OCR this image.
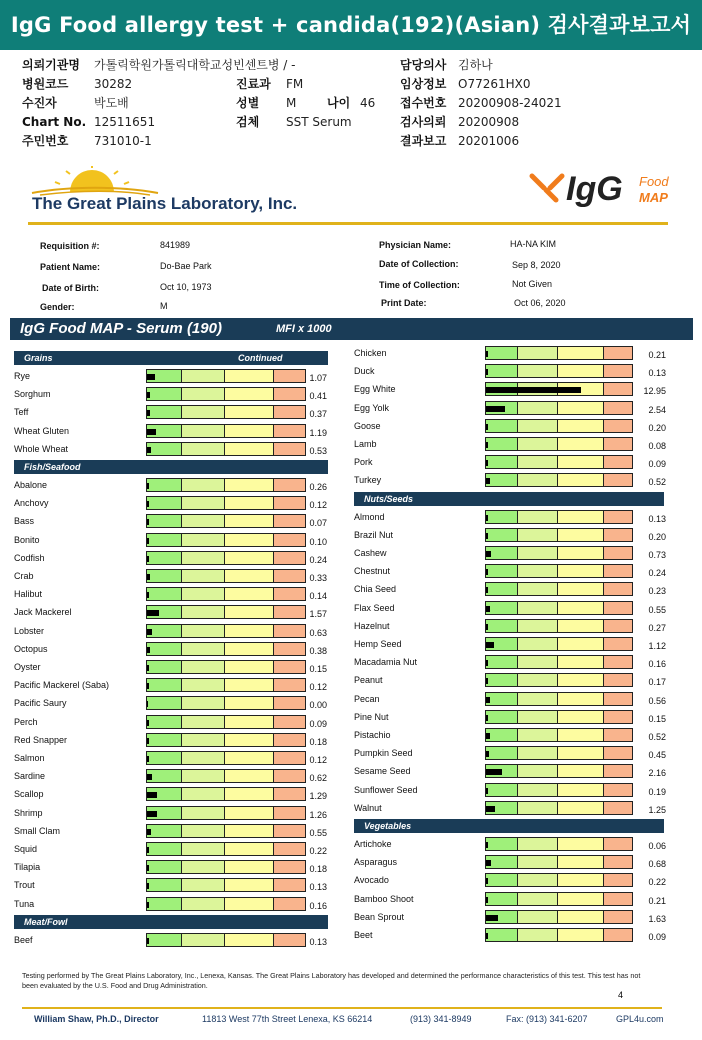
IgG Food allergy test + candida(192)(Asian) 검사결과보고서
의뢰기관명 가톨릭학원가톨릭대학교성빈센트병 / -
병원코드 30282	진료과 FM
수진자	박도배	성별 M	나이 46
Chart No. 12511651	검체 SST Serum
주민번호 731010-1
담당의사 김하나
임상정보 O77261HX0
접수번호 20200908-24021
검사의뢰 20200908
결과보고 20201006
The Great Plains Laboratory, Inc.	IgG Food
MAP
Requisition #:	841989
Patient Name:	Do-Bae Park
Date of Birth:	Oct 10, 1973
Gender:	M
Physician Name:	HA-NA KIM
Date of Collection:	Sep 8, 2020
Time of Collection:	Not Given
Print Date:	Oct 06, 2020
IgG Food MAP - Serum (190)	MFI x 1000
Grains	Continued
Rye	1.07
Sorghum	0.41
Teff	0.37
Wheat Gluten	1.19
Whole Wheat	0.53
Fish/Seafood
Abalone	0.26
Anchovy	0.12
Bass	0.07
Bonito	0.10
Codfish	0.24
Crab	0.33
Halibut	0.14
Jack Mackerel	1.57
Lobster	0.63
Octopus	0.38
Oyster	0.15
Pacific Mackerel (Saba)	0.12
Pacific Saury	0.00
Perch	0.09
Red Snapper	0.18
Salmon	0.12
Sardine	0.62
Scallop	1.29
Shrimp	1.26
Small Clam	0.55
Squid	0.22
Tilapia	0.18
Trout	0.13
Tuna	0.16
Meat/Fowl
Beef	0.13
Chicken	0.21
Duck	0.13
Egg White	12.95
Egg Yolk	2.54
Goose	0.20
Lamb	0.08
Pork	0.09
Turkey	0.52
Nuts/Seeds
Almond	0.13
Brazil Nut	0.20
Cashew	0.73
Chestnut	0.24
Chia Seed	0.23
Flax Seed	0.55
Hazelnut	0.27
Hemp Seed	1.12
Macadamia Nut	0.16
Peanut	0.17
Pecan	0.56
Pine Nut	0.15
Pistachio	0.52
Pumpkin Seed	0.45
Sesame Seed	2.16
Sunflower Seed	0.19
Walnut	1.25
Vegetables
Artichoke	0.06
Asparagus	0.68
Avocado	0.22
Bamboo Shoot	0.21
Bean Sprout	1.63
Beet	0.09
Testing performed by The Great Plains Laboratory, Inc., Lenexa, Kansas. The Great Plains Laboratory has developed and determined the performance characteristics of this test. This test has not been evaluated by the U.S. Food and Drug Administration.
4
William Shaw, Ph.D., Director	11813 West 77th Street Lenexa, KS 66214	(913) 341-8949	Fax: (913) 341-6207	GPL4u.com
